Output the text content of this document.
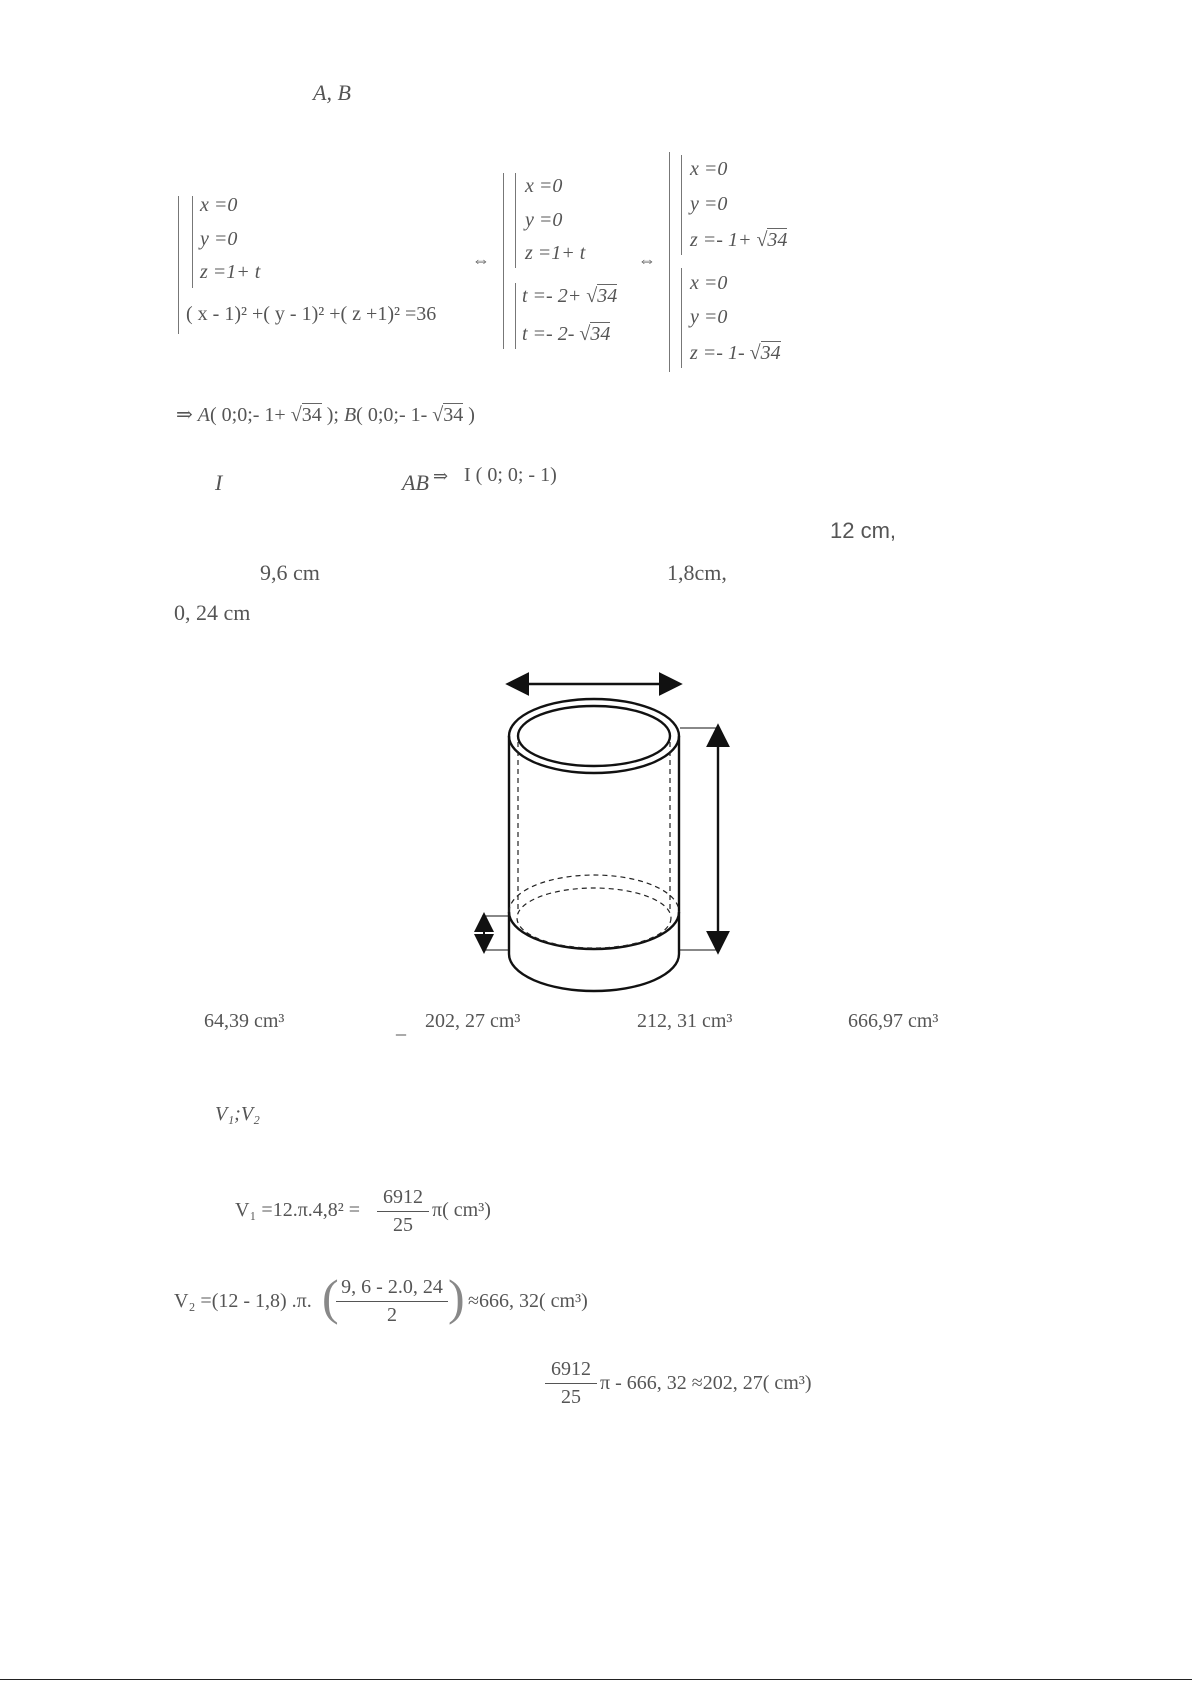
A, B
x =0
y =0
z =1+ t
( x - 1)² +( y - 1)² +( z +1)² =36
⇔
x =0
y =0
z =1+ t
t =- 2+ √34
t =- 2- √34
⇔
x =0
y =0
z =- 1+ √34
x =0
y =0
z =- 1- √34
⇒ A( 0;0;- 1+ √34 ); B( 0;0;- 1- √34 )
I	AB ⇒ I ( 0; 0; - 1)
12 cm,
9,6 cm	1,8cm,
0, 24 cm
64,39 cm³	_ 202, 27 cm³	212, 31 cm³	666,97 cm³
V₁;V₂
$V_1 =12.\pi.4,8^2 = \frac{6912}{25} \pi$( cm³)
V₂ =(12 - 1,8) .π. (
$\frac{9, 6 - 2.0, 24}{2}$ ) ≈666, 32( cm³)
$\frac{6912}{25}$ π - 666, 32 ≈202, 27( cm³)
